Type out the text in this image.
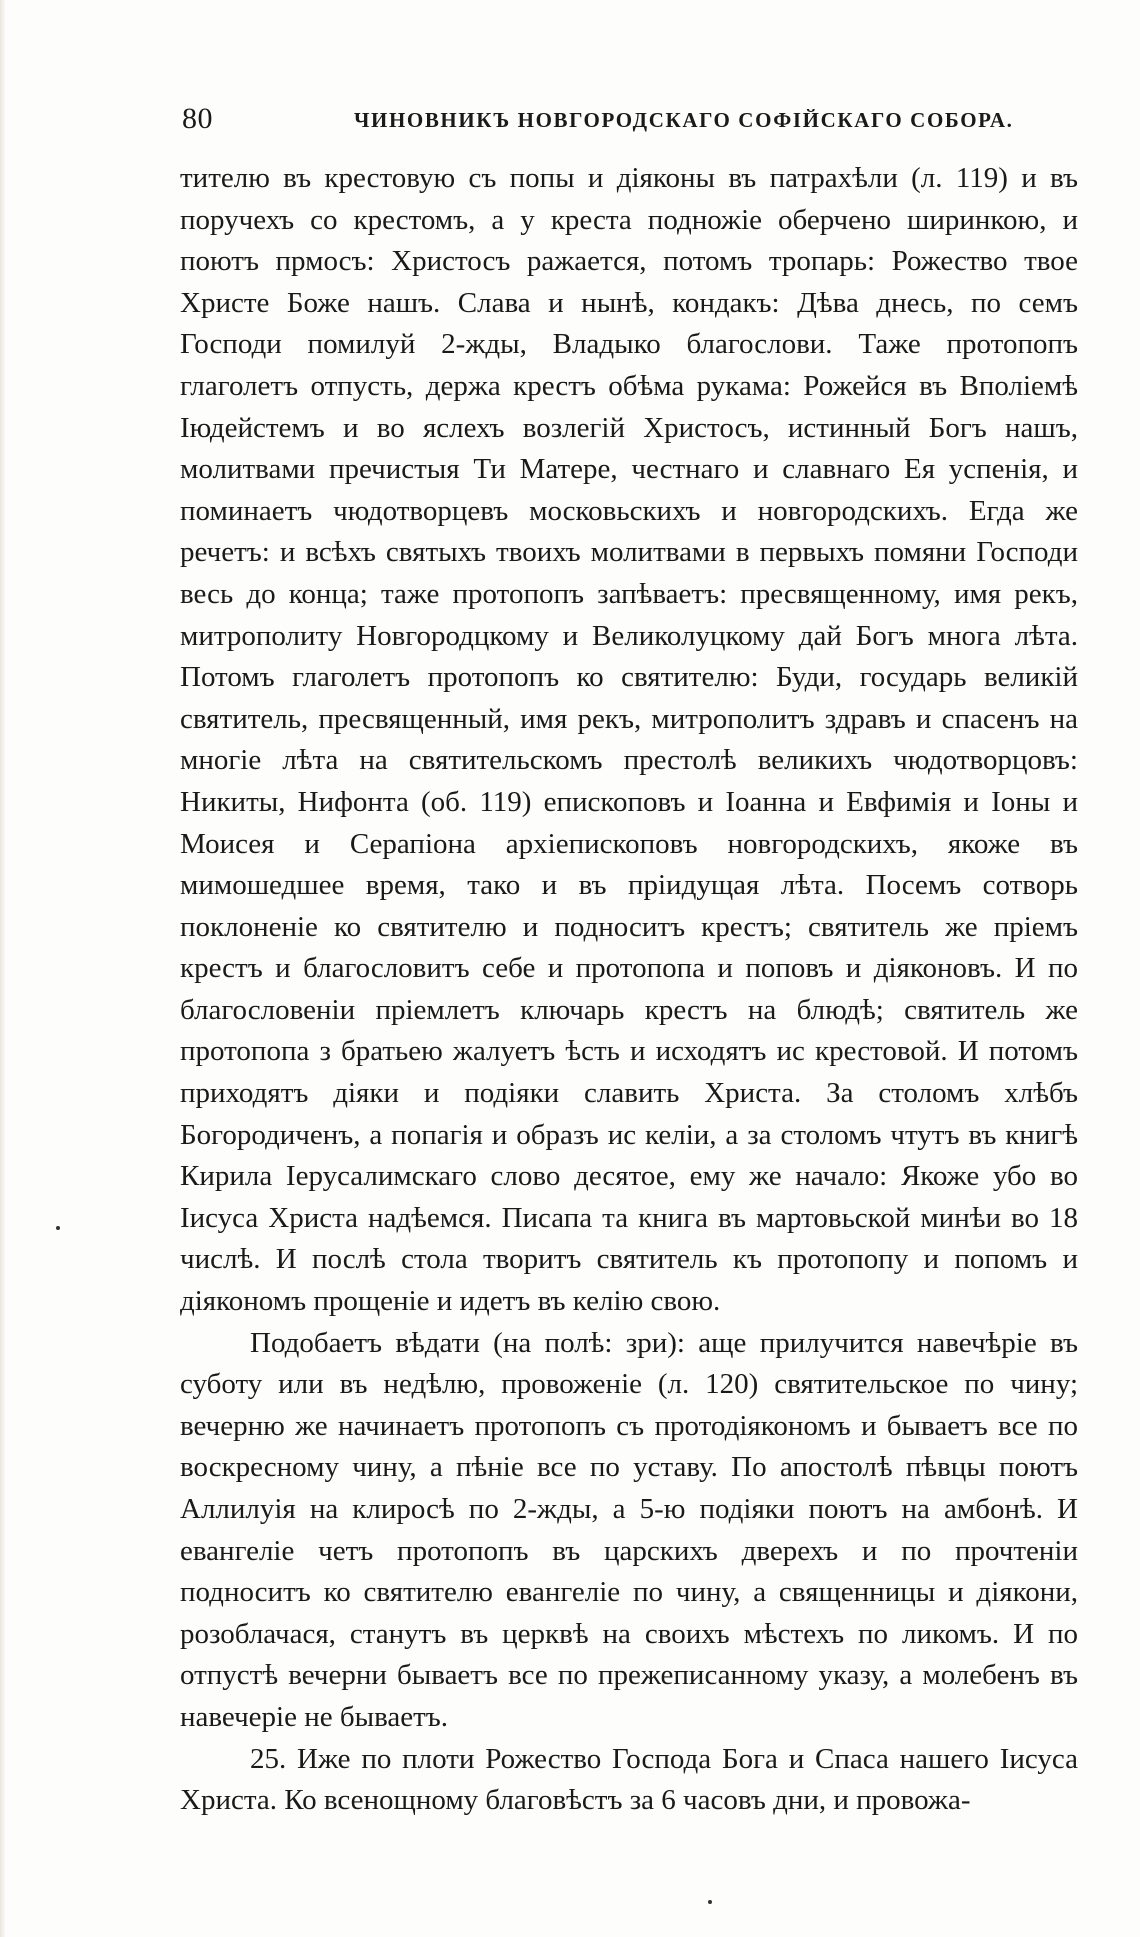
80	ЧИНОВНИКЪ НОВГОРОДСКАГО СОФІЙСКАГО СОБОРА.

тителю въ крестовую съ попы и діяконы въ патрахѣли (л. 119) и въ поручехъ со крестомъ, а у креста подножіе оберчено ширинкою, и поютъ прмосъ: Христосъ ражается, потомъ тропарь: Рожество твое Христе Боже нашъ. Слава и нынѣ, кондакъ: Дѣва днесь, по семъ Господи помилуй 2-жды, Владыко благослови. Таже протопопъ глаголетъ отпусть, держа крестъ обѣма рукама: Рожейся въ Вполіемѣ Іюдейстемъ и во яслехъ возлегій Христосъ, истинный Богъ нашъ, молитвами пречистыя Ти Матере, честнаго и славнаго Ея успенія, и поминаетъ чюдотворцевъ московьскихъ и новгородскихъ. Егда же речетъ: и всѣхъ святыхъ твоихъ молитвами в первыхъ помяни Господи весь до конца; таже протопопъ запѣваетъ: пресвященному, имя рекъ, митрополиту Новгородцкому и Великолуцкому дай Богъ многа лѣта. Потомъ глаголетъ протопопъ ко святителю: Буди, государь великій святитель, пресвященный, имя рекъ, митрополитъ здравъ и спасенъ на многіе лѣта на святительскомъ престолѣ великихъ чюдотворцовъ: Никиты, Нифонта (об. 119) епископовъ и Іоанна и Евфимія и Іоны и Моисея и Серапіона архіепископовъ новгородскихъ, якоже въ мимошедшее время, тако и въ пріидущая лѣта. Посемъ сотворь поклоненіе ко святителю и подноситъ крестъ; святитель же пріемъ крестъ и благословитъ себе и протопопа и поповъ и діяконовъ. И по благословеніи пріемлетъ ключарь крестъ на блюдѣ; святитель же протопопа з братьею жалуетъ ѣсть и исходятъ ис крестовой. И потомъ приходятъ діяки и подіяки славить Христа. За столомъ хлѣбъ Богородиченъ, а попагія и образъ ис келіи, а за столомъ чтутъ въ книгѣ Кирила Іерусалимскаго слово десятое, ему же начало: Якоже убо во Іисуса Христа надѣемся. Писапа та книга въ мартовьской минѣи во 18 числѣ. И послѣ стола творитъ святитель къ протопопу и попомъ и діякономъ прощеніе и идетъ въ келію свою.

Подобаетъ вѣдати (на полѣ: зри): аще прилучится навечѣріе въ суботу или въ недѣлю, провоженіе (л. 120) святительское по чину; вечерню же начинаетъ протопопъ съ протодіякономъ и бываетъ все по воскресному чину, а пѣніе все по уставу. По апостолѣ пѣвцы поютъ Аллилуія на клиросѣ по 2-жды, а 5-ю подіяки поютъ на амбонѣ. И евангеліе четъ протопопъ въ царскихъ дверехъ и по прочтеніи подноситъ ко святителю евангеліе по чину, а священницы и діякони, розоблачася, станутъ въ церквѣ на своихъ мѣстехъ по ликомъ. И по отпустѣ вечерни бываетъ все по прежеписанному указу, а молебенъ въ навечеріе не бываетъ.

25. Иже по плоти Рожество Господа Бога и Спаса нашего Іисуса Христа. Ко всенощному благовѣстъ за 6 часовъ дни, и провожа-
